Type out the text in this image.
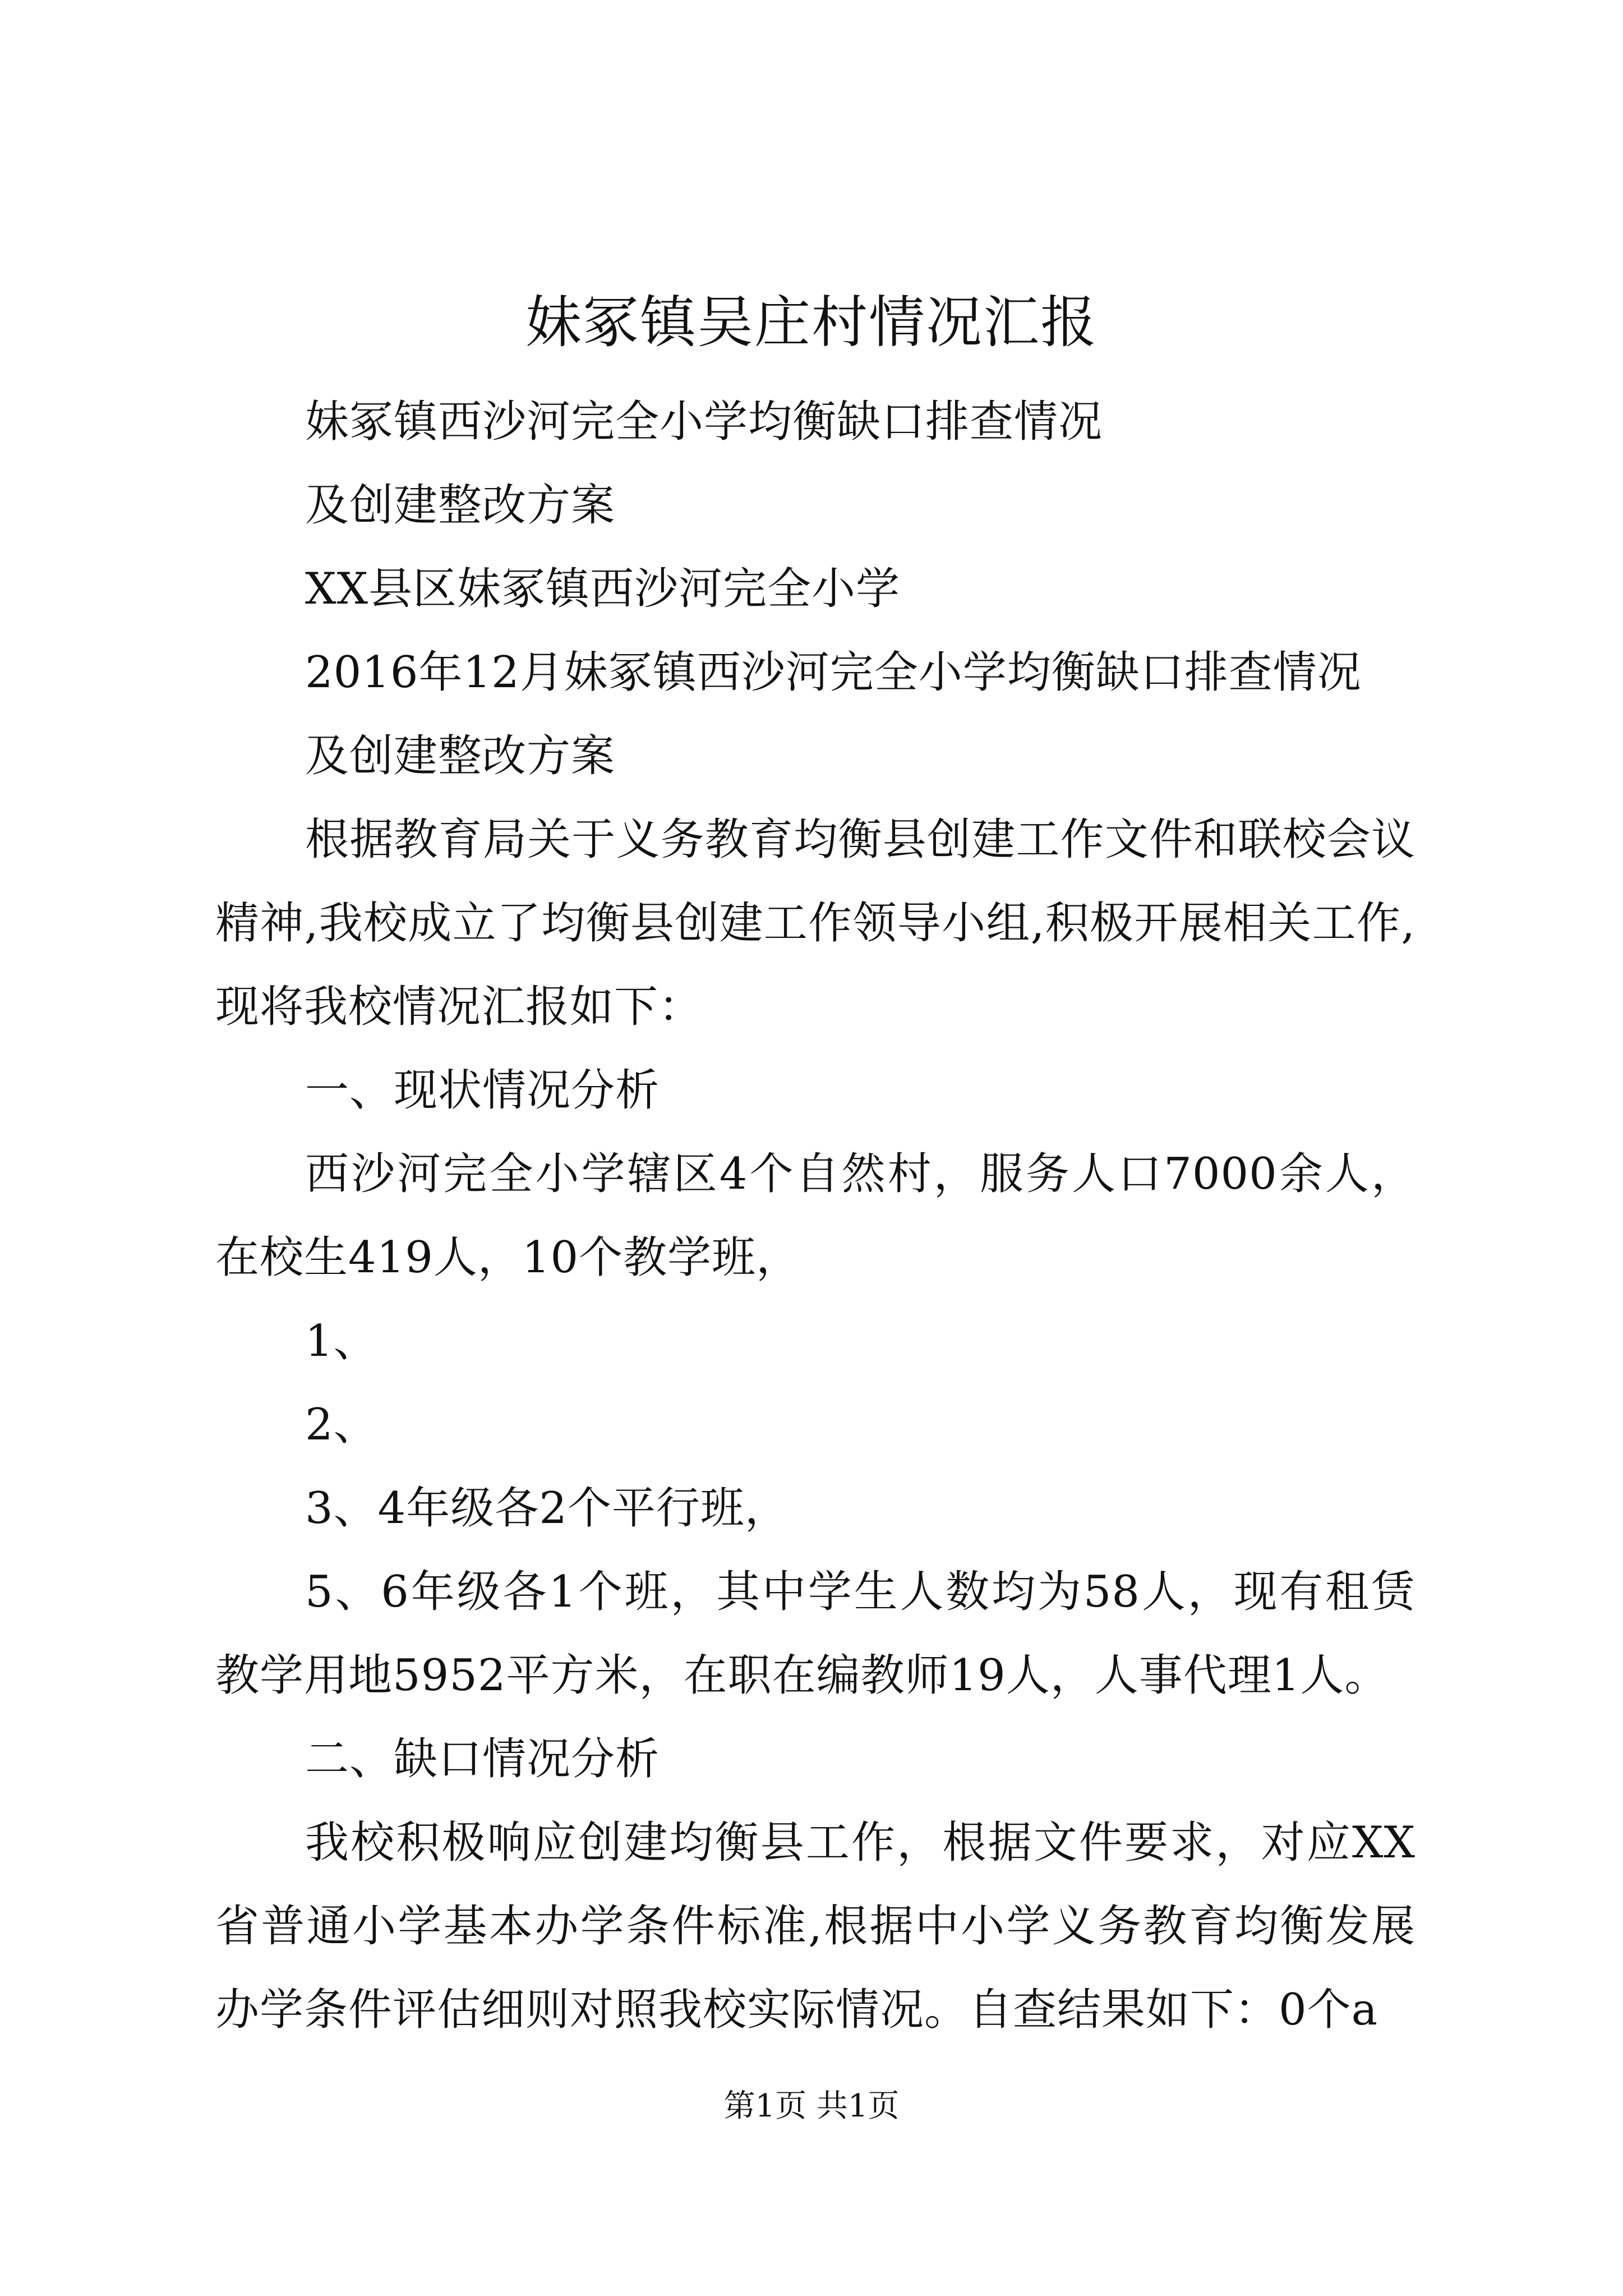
妹冢镇吴庄村情况汇报

妹冢镇西沙河完全小学均衡缺口排查情况

及创建整改方案

XX县区妹冢镇西沙河完全小学

2016年12月妹冢镇西沙河完全小学均衡缺口排查情况

及创建整改方案

根据教育局关于义务教育均衡县创建工作文件和联校会议精神,我校成立了均衡县创建工作领导小组,积极开展相关工作,现将我校情况汇报如下：

一、现状情况分析

西沙河完全小学辖区4个自然村，服务人口7000余人，在校生419人，10个教学班，

1、

2、

3、4年级各2个平行班，

5、6年级各1个班，其中学生人数均为58人，现有租赁教学用地5952平方米，在职在编教师19人，人事代理1人。

二、缺口情况分析

我校积极响应创建均衡县工作，根据文件要求，对应XX省普通小学基本办学条件标准,根据中小学义务教育均衡发展办学条件评估细则对照我校实际情况。自查结果如下：0个a

第1页 共1页
